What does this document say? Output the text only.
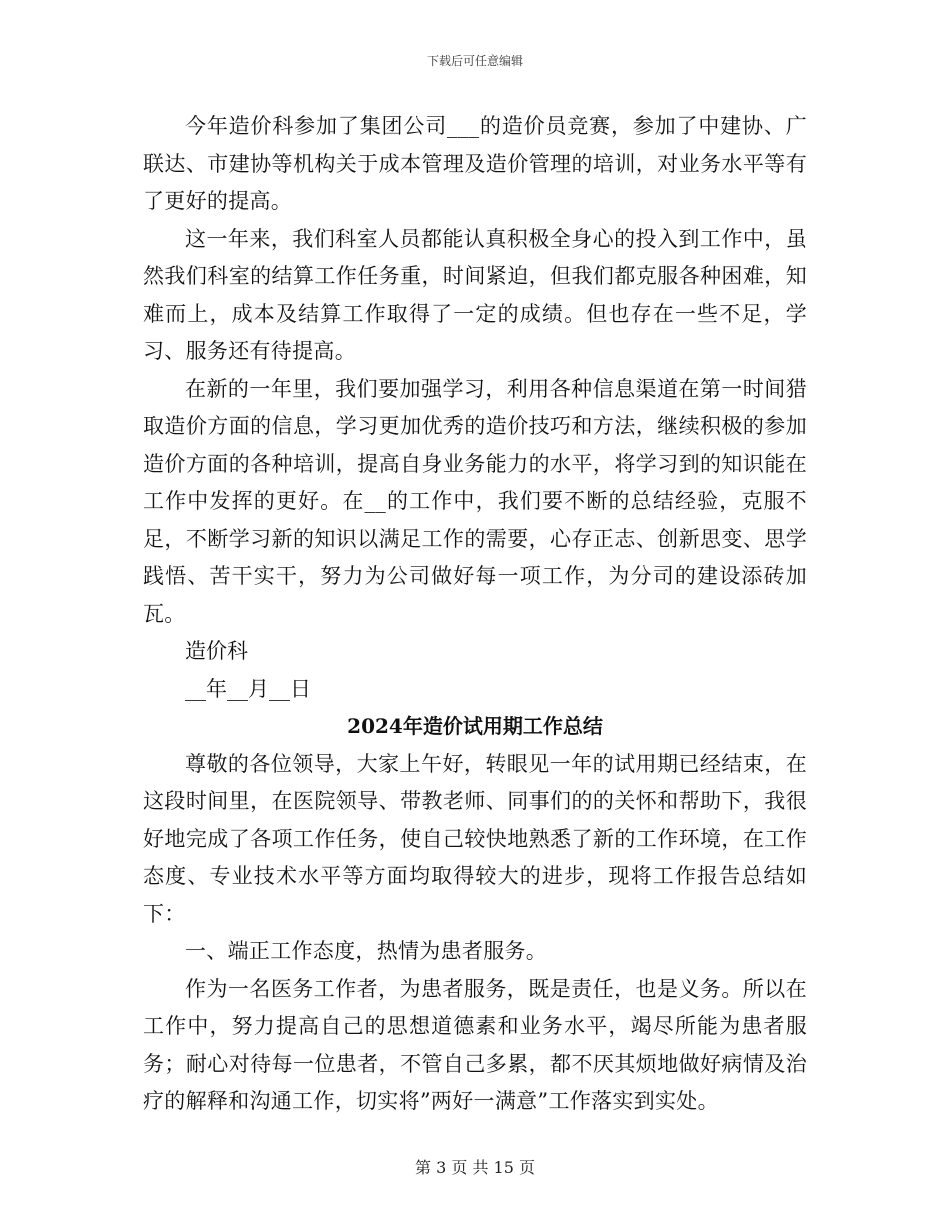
下载后可任意编辑

今年造价科参加了集团公司___的造价员竞赛，参加了中建协、广联达、市建协等机构关于成本管理及造价管理的培训，对业务水平等有了更好的提高。

这一年来，我们科室人员都能认真积极全身心的投入到工作中，虽然我们科室的结算工作任务重，时间紧迫，但我们都克服各种困难，知难而上，成本及结算工作取得了一定的成绩。但也存在一些不足，学习、服务还有待提高。

在新的一年里，我们要加强学习，利用各种信息渠道在第一时间猎取造价方面的信息，学习更加优秀的造价技巧和方法，继续积极的参加造价方面的各种培训，提高自身业务能力的水平，将学习到的知识能在工作中发挥的更好。在__的工作中，我们要不断的总结经验，克服不足，不断学习新的知识以满足工作的需要，心存正志、创新思变、思学践悟、苦干实干，努力为公司做好每一项工作，为分司的建设添砖加瓦。

造价科

__年__月__日

2024年造价试用期工作总结

尊敬的各位领导，大家上午好，转眼见一年的试用期已经结束，在这段时间里，在医院领导、带教老师、同事们的的关怀和帮助下，我很好地完成了各项工作任务，使自己较快地熟悉了新的工作环境，在工作态度、专业技术水平等方面均取得较大的进步，现将工作报告总结如下：

一、端正工作态度，热情为患者服务。

作为一名医务工作者，为患者服务，既是责任，也是义务。所以在工作中，努力提高自己的思想道德素和业务水平，竭尽所能为患者服务；耐心对待每一位患者，不管自己多累，都不厌其烦地做好病情及治疗的解释和沟通工作，切实将”两好一满意”工作落实到实处。

第 3 页 共 15 页
